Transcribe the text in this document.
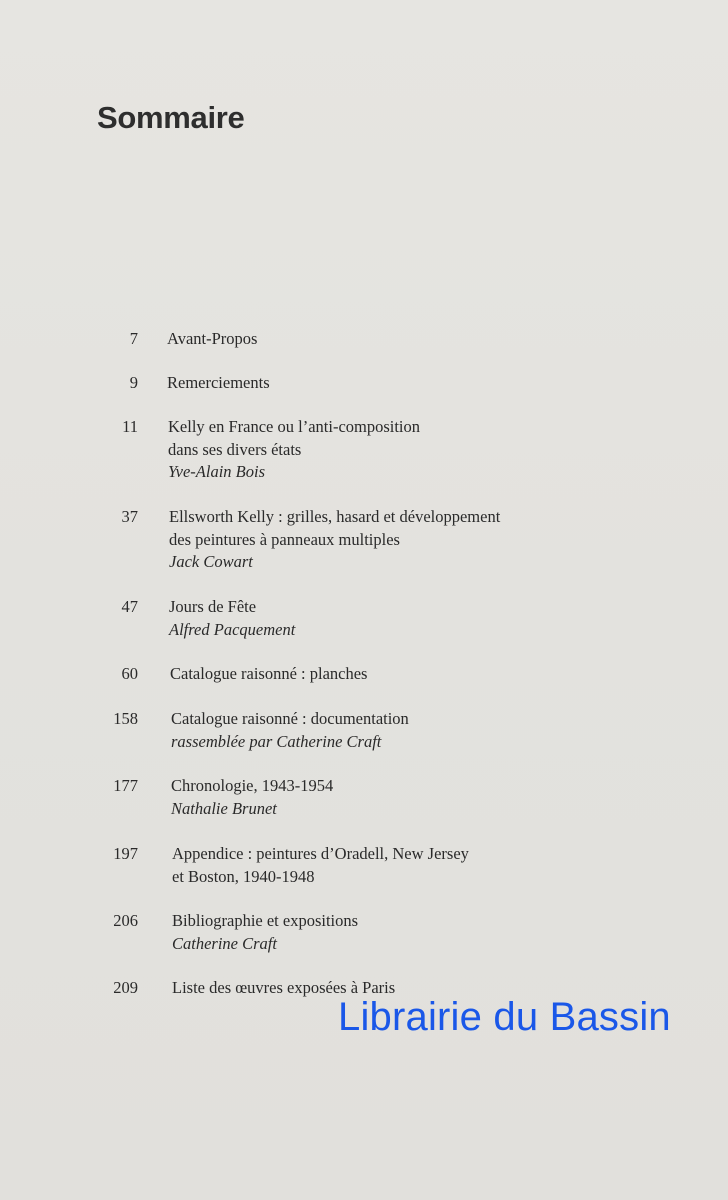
Sommaire
7 Avant-Propos
9 Remerciements
11 Kelly en France ou l’anti-composition
dans ses divers états
Yve-Alain Bois
37 Ellsworth Kelly : grilles, hasard et développement
des peintures à panneaux multiples
Jack Cowart
47 Jours de Fête
Alfred Pacquement
60 Catalogue raisonné : planches
158 Catalogue raisonné : documentation
rassemblée par Catherine Craft
177 Chronologie, 1943-1954
Nathalie Brunet
197 Appendice : peintures d’Oradell, New Jersey
et Boston, 1940-1948
206 Bibliographie et expositions
Catherine Craft
209 Liste des œuvres exposées à Paris
Librairie du Bassin
